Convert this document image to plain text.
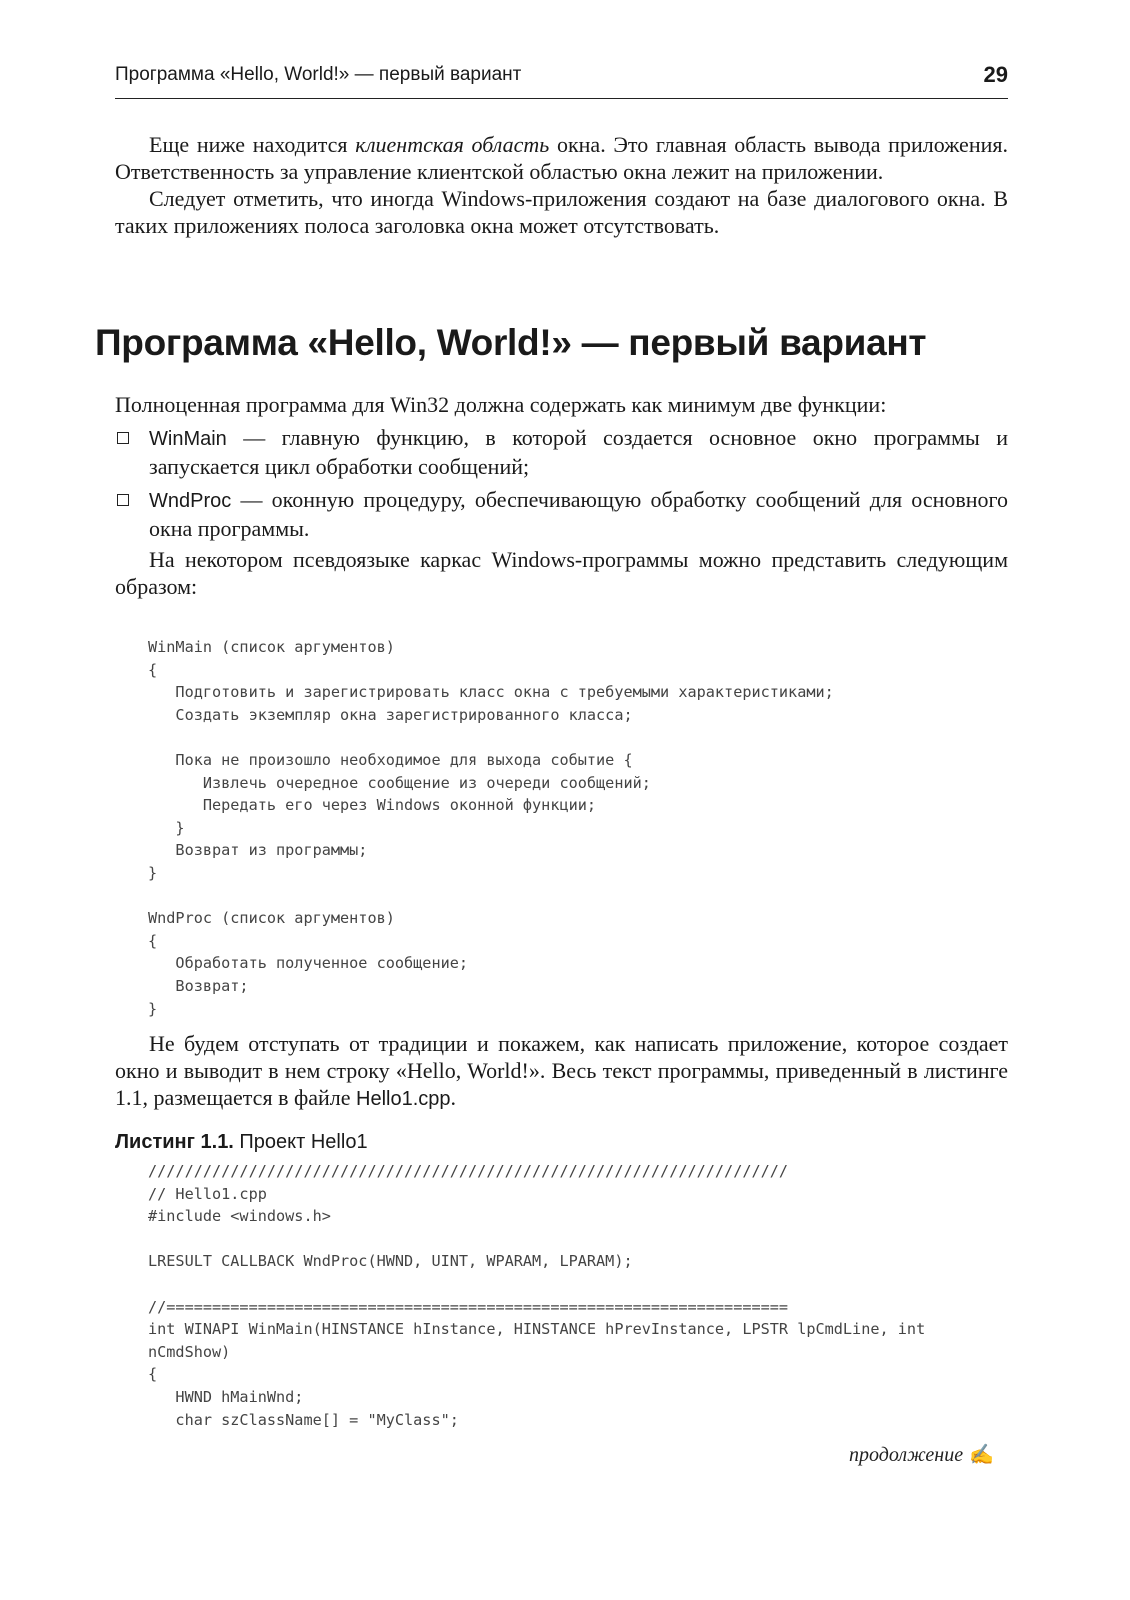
Программа «Hello, World!» — первый вариант	29

Еще ниже находится клиентская область окна. Это главная область вывода приложения. Ответственность за управление клиентской областью окна лежит на приложении.

Следует отметить, что иногда Windows-приложения создают на базе диалогового окна. В таких приложениях полоса заголовка окна может отсутствовать.

Программа «Hello, World!» — первый вариант

Полноценная программа для Win32 должна содержать как минимум две функции:

WinMain — главную функцию, в которой создается основное окно программы и запускается цикл обработки сообщений;
WndProc — оконную процедуру, обеспечивающую обработку сообщений для основного окна программы.

На некотором псевдоязыке каркас Windows-программы можно представить следующим образом:

WinMain (список аргументов)
{
Подготовить и зарегистрировать класс окна с требуемыми характеристиками;
Создать экземпляр окна зарегистрированного класса;

Пока не произошло необходимое для выхода событие {
Извлечь очередное сообщение из очереди сообщений;
Передать его через Windows оконной функции;
}
Возврат из программы;
}

WndProc (список аргументов)
{
Обработать полученное сообщение;
Возврат;
}

Не будем отступать от традиции и покажем, как написать приложение, которое создает окно и выводит в нем строку «Hello, World!». Весь текст программы, приведенный в листинге 1.1, размещается в файле Hello1.cpp.

Листинг 1.1. Проект Hello1
//////////////////////////////////////////////////////////////////////
// Hello1.cpp
#include <windows.h>

LRESULT CALLBACK WndProc(HWND, UINT, WPARAM, LPARAM);

//====================================================================
int WINAPI WinMain(HINSTANCE hInstance, HINSTANCE hPrevInstance, LPSTR lpCmdLine, int
nCmdShow)
{
HWND hMainWnd;
char szClassName[] = "MyClass";
продолжение ✍
